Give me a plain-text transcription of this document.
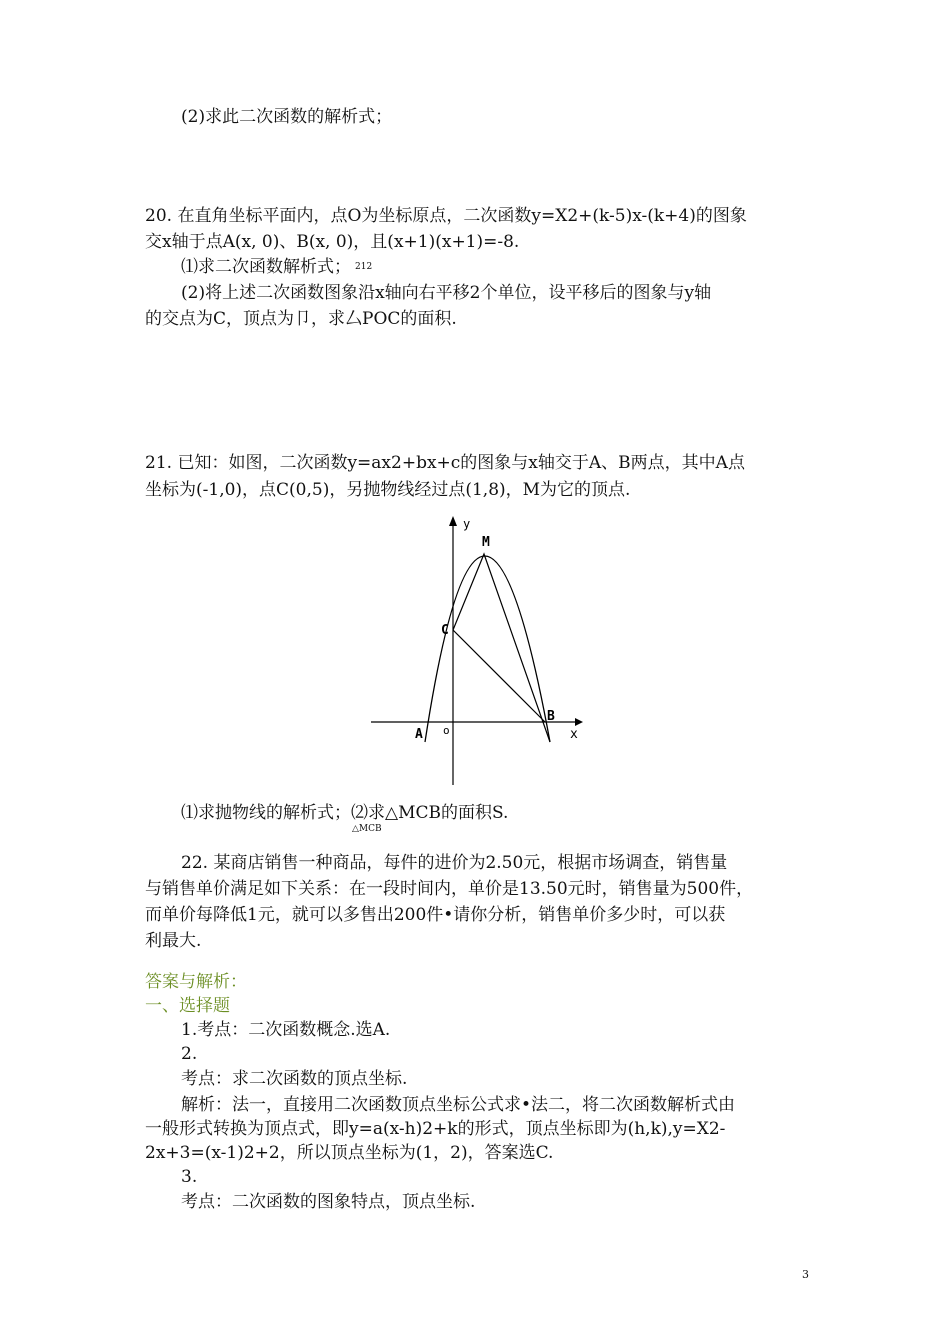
(2)求此二次函数的解析式；
20. 在直角坐标平面内，点O为坐标原点，二次函数y=X2+(k-5)x-(k+4)的图象
交x轴于点A(x, 0)、B(x, 0)，且(x+1)(x+1)=-8.
⑴求二次函数解析式； $^{212}$
(2)将上述二次函数图象沿x轴向右平移2个单位，设平移后的图象与y轴
的交点为C，顶点为卩，求厶POC的面积.
21. 已知：如图，二次函数y=ax2+bx+c的图象与x轴交于A、B两点，其中A点
坐标为(-1,0)，点C(0,5)，另抛物线经过点(1,8)，M为它的顶点.
y
M
C
B
A o	x
⑴求抛物线的解析式；⑵求△MCB的面积S.
△MCB
22. 某商店销售一种商品，每件的进价为2.50元，根据市场调查，销售量
与销售单价满足如下关系：在一段时间内，单价是13.50元时，销售量为500件，
而单价每降低1元，就可以多售出200件•请你分析，销售单价多少时，可以获
利最大.
答案与解析：
一、选择题
1.考点：二次函数概念.选A.
2.
考点：求二次函数的顶点坐标.
解析：法一，直接用二次函数顶点坐标公式求•法二，将二次函数解析式由
一般形式转换为顶点式，即y=a(x-h)2+k的形式，顶点坐标即为(h,k),y=X2-
2x+3=(x-1)2+2，所以顶点坐标为(1，2)，答案选C.
3.
考点：二次函数的图象特点，顶点坐标.
3
